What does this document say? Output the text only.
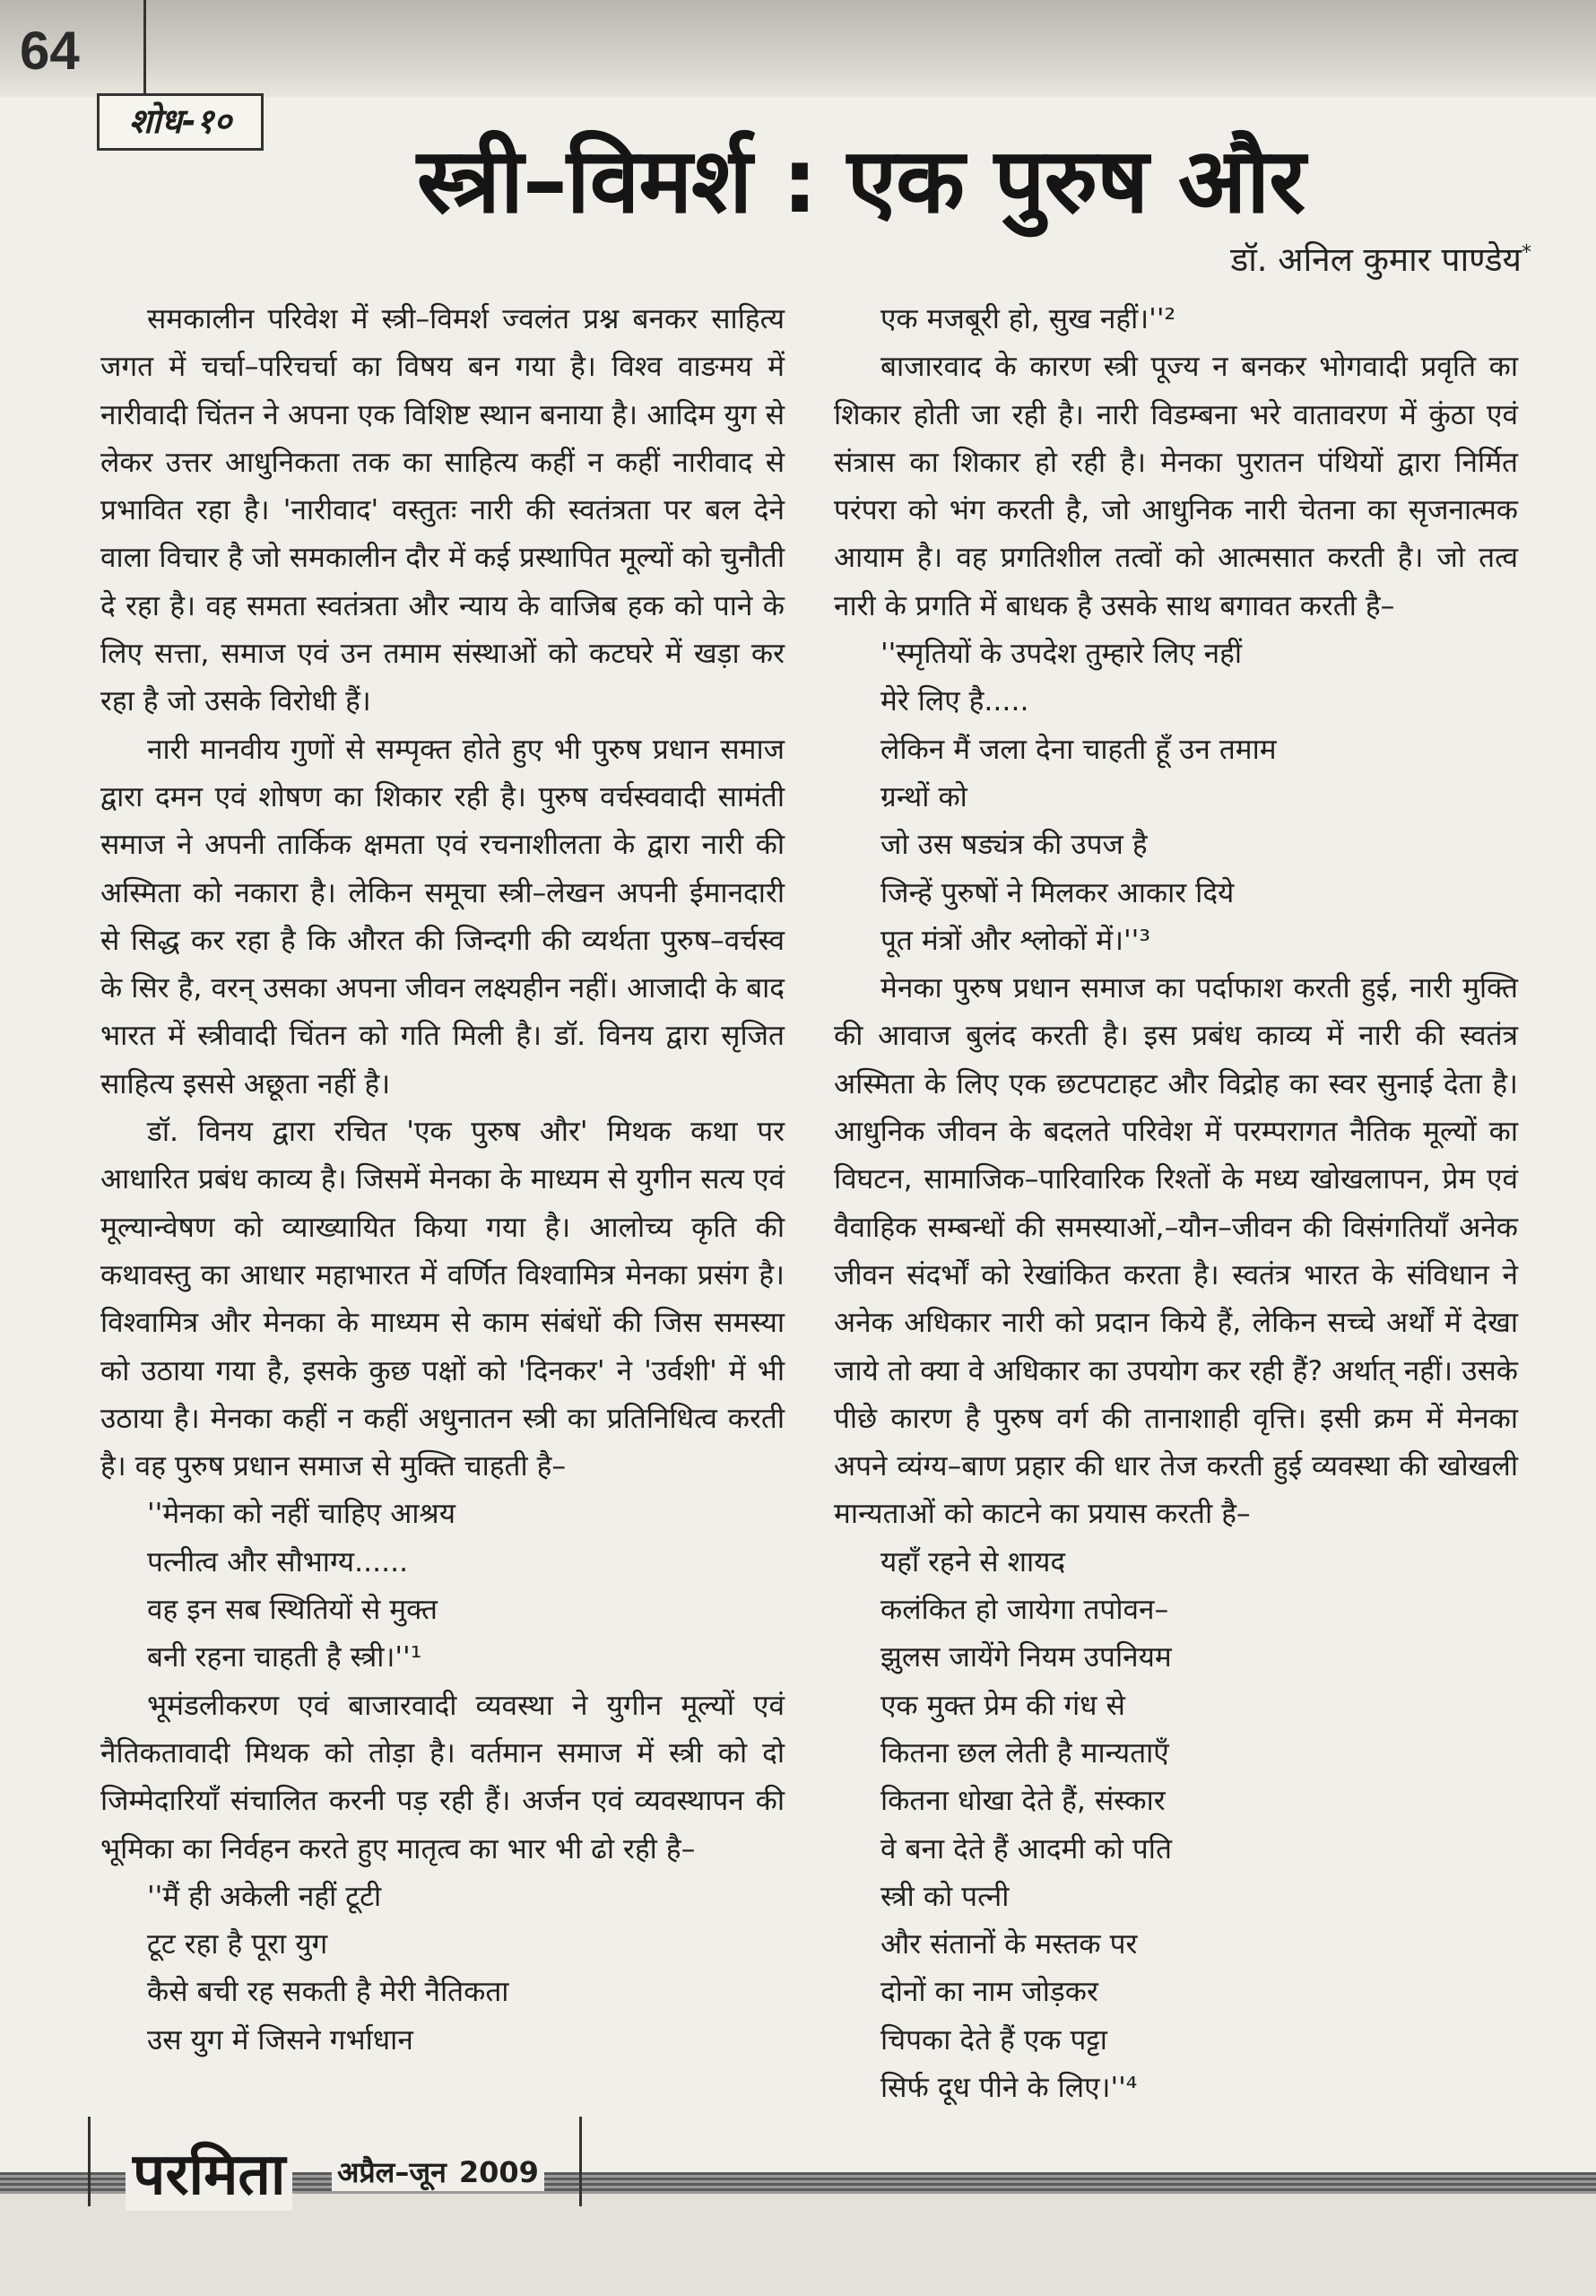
64
शोध-१०
स्त्री–विमर्श : एक पुरुष और
डॉ. अनिल कुमार पाण्डेय*

समकालीन परिवेश में स्त्री–विमर्श ज्वलंत प्रश्न बनकर साहित्य जगत में चर्चा–परिचर्चा का विषय बन गया है। विश्व वाङमय में नारीवादी चिंतन ने अपना एक विशिष्ट स्थान बनाया है। आदिम युग से लेकर उत्तर आधुनिकता तक का साहित्य कहीं न कहीं नारीवाद से प्रभावित रहा है। 'नारीवाद' वस्तुतः नारी की स्वतंत्रता पर बल देने वाला विचार है जो समकालीन दौर में कई प्रस्थापित मूल्यों को चुनौती दे रहा है। वह समता स्वतंत्रता और न्याय के वाजिब हक को पाने के लिए सत्ता, समाज एवं उन तमाम संस्थाओं को कटघरे में खड़ा कर रहा है जो उसके विरोधी हैं।

नारी मानवीय गुणों से सम्पृक्त होते हुए भी पुरुष प्रधान समाज द्वारा दमन एवं शोषण का शिकार रही है। पुरुष वर्चस्ववादी सामंती समाज ने अपनी तार्किक क्षमता एवं रचनाशीलता के द्वारा नारी की अस्मिता को नकारा है। लेकिन समूचा स्त्री–लेखन अपनी ईमानदारी से सिद्ध कर रहा है कि औरत की जिन्दगी की व्यर्थता पुरुष–वर्चस्व के सिर है, वरन् उसका अपना जीवन लक्ष्यहीन नहीं। आजादी के बाद भारत में स्त्रीवादी चिंतन को गति मिली है। डॉ. विनय द्वारा सृजित साहित्य इससे अछूता नहीं है।

डॉ. विनय द्वारा रचित 'एक पुरुष और' मिथक कथा पर आधारित प्रबंध काव्य है। जिसमें मेनका के माध्यम से युगीन सत्य एवं मूल्यान्वेषण को व्याख्यायित किया गया है। आलोच्य कृति की कथावस्तु का आधार महाभारत में वर्णित विश्वामित्र मेनका प्रसंग है। विश्वामित्र और मेनका के माध्यम से काम संबंधों की जिस समस्या को उठाया गया है, इसके कुछ पक्षों को 'दिनकर' ने 'उर्वशी' में भी उठाया है। मेनका कहीं न कहीं अधुनातन स्त्री का प्रतिनिधित्व करती है। वह पुरुष प्रधान समाज से मुक्ति चाहती है–

''मेनका को नहीं चाहिए आश्रय
पत्नीत्व और सौभाग्य......
वह इन सब स्थितियों से मुक्त
बनी रहना चाहती है स्त्री।''¹

भूमंडलीकरण एवं बाजारवादी व्यवस्था ने युगीन मूल्यों एवं नैतिकतावादी मिथक को तोड़ा है। वर्तमान समाज में स्त्री को दो जिम्मेदारियाँ संचालित करनी पड़ रही हैं। अर्जन एवं व्यवस्थापन की भूमिका का निर्वहन करते हुए मातृत्व का भार भी ढो रही है–

''मैं ही अकेली नहीं टूटी
टूट रहा है पूरा युग
कैसे बची रह सकती है मेरी नैतिकता
उस युग में जिसने गर्भाधान
एक मजबूरी हो, सुख नहीं।''²

बाजारवाद के कारण स्त्री पूज्य न बनकर भोगवादी प्रवृति का शिकार होती जा रही है। नारी विडम्बना भरे वातावरण में कुंठा एवं संत्रास का शिकार हो रही है। मेनका पुरातन पंथियों द्वारा निर्मित परंपरा को भंग करती है, जो आधुनिक नारी चेतना का सृजनात्मक आयाम है। वह प्रगतिशील तत्वों को आत्मसात करती है। जो तत्व नारी के प्रगति में बाधक है उसके साथ बगावत करती है–

''स्मृतियों के उपदेश तुम्हारे लिए नहीं
मेरे लिए है.....
लेकिन मैं जला देना चाहती हूँ उन तमाम
ग्रन्थों को
जो उस षड्यंत्र की उपज है
जिन्हें पुरुषों ने मिलकर आकार दिये
पूत मंत्रों और श्लोकों में।''³

मेनका पुरुष प्रधान समाज का पर्दाफाश करती हुई, नारी मुक्ति की आवाज बुलंद करती है। इस प्रबंध काव्य में नारी की स्वतंत्र अस्मिता के लिए एक छटपटाहट और विद्रोह का स्वर सुनाई देता है। आधुनिक जीवन के बदलते परिवेश में परम्परागत नैतिक मूल्यों का विघटन, सामाजिक–पारिवारिक रिश्तों के मध्य खोखलापन, प्रेम एवं वैवाहिक सम्बन्धों की समस्याओं,–यौन–जीवन की विसंगतियाँ अनेक जीवन संदर्भों को रेखांकित करता है। स्वतंत्र भारत के संविधान ने अनेक अधिकार नारी को प्रदान किये हैं, लेकिन सच्चे अर्थों में देखा जाये तो क्या वे अधिकार का उपयोग कर रही हैं? अर्थात् नहीं। उसके पीछे कारण है पुरुष वर्ग की तानाशाही वृत्ति। इसी क्रम में मेनका अपने व्यंग्य–बाण प्रहार की धार तेज करती हुई व्यवस्था की खोखली मान्यताओं को काटने का प्रयास करती है–

यहाँ रहने से शायद
कलंकित हो जायेगा तपोवन–
झुलस जायेंगे नियम उपनियम
एक मुक्त प्रेम की गंध से
कितना छल लेती है मान्यताएँ
कितना धोखा देते हैं, संस्कार
वे बना देते हैं आदमी को पति
स्त्री को पत्नी
और संतानों के मस्तक पर
दोनों का नाम जोड़कर
चिपका देते हैं एक पट्टा
सिर्फ दूध पीने के लिए।''⁴
परमिता अप्रैल–जून 2009
